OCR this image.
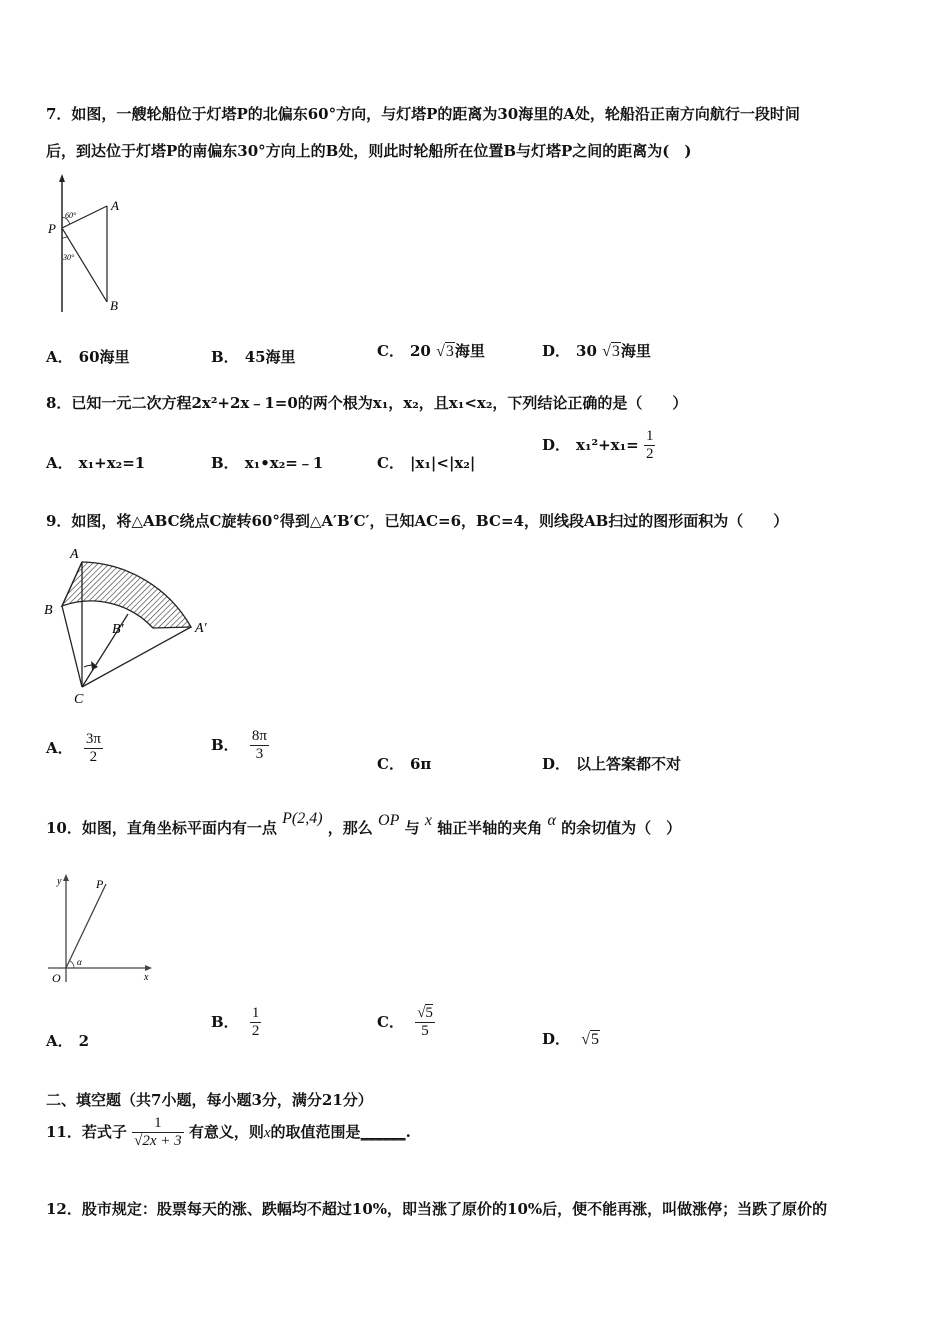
7．如图，一艘轮船位于灯塔P的北偏东60°方向，与灯塔P的距离为30海里的A处，轮船沿正南方向航行一段时间
后，到达位于灯塔P的南偏东30°方向上的B处，则此时轮船所在位置B与灯塔P之间的距离为(　)
P
A
B
60°
30°
A． 60海里	B． 45海里	C． 20 √3海里	D． 30 √3海里
8．已知一元二次方程2x²+2x﹣1=0的两个根为x₁，x₂，且x₁<x₂，下列结论正确的是（　　）
A． x₁+x₂=1	B． x₁•x₂=﹣1	C． |x₁|<|x₂|
D． $x_1^2+x_1= \frac{1}{2}$
9．如图，将△ABC绕点C旋转60°得到△A′B′C′，已知AC=6，BC=4，则线段AB扫过的图形面积为（　　）
A
B
C
B′	A′
A． $\frac{3\pi}{2}$	B． $\frac{8\pi}{3}$
C． 6π	D． 以上答案都不对
10．如图，直角坐标平面内有一点 P(2,4) ，那么 OP 与 x 轴正半轴的夹角 α 的余切值为（　）
y	P
O
α
x
A． 2
B． $\frac{1}{2}$	C． $\frac{√5}{5}$	D． √5
二、填空题（共7小题，每小题3分，满分21分）
11．若式子 $\frac{1}{√2x + 3}$ 有意义，则x的取值范围是______.
12．股市规定：股票每天的涨、跌幅均不超过10%，即当涨了原价的10%后，便不能再涨，叫做涨停；当跌了原价的
